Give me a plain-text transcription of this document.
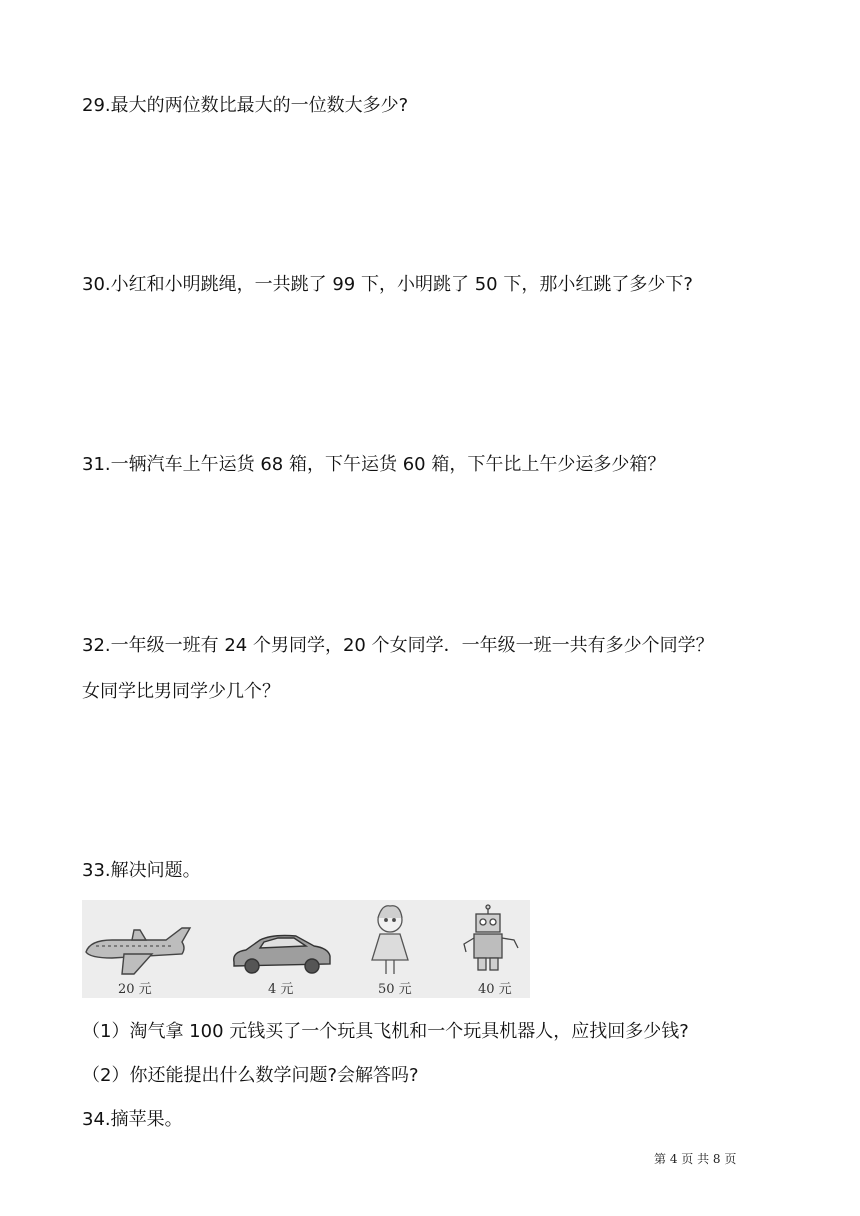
29.最大的两位数比最大的一位数大多少?
30.小红和小明跳绳，一共跳了 99 下，小明跳了 50 下，那小红跳了多少下?
31.一辆汽车上午运货 68 箱，下午运货 60 箱，下午比上午少运多少箱？
32.一年级一班有 24 个男同学，20 个女同学．一年级一班一共有多少个同学？
女同学比男同学少几个？
33.解决问题。
20 元	4 元	50 元	40 元
（1）淘气拿 100 元钱买了一个玩具飞机和一个玩具机器人，应找回多少钱?
（2）你还能提出什么数学问题?会解答吗?
34.摘苹果。
第 4 页 共 8 页
